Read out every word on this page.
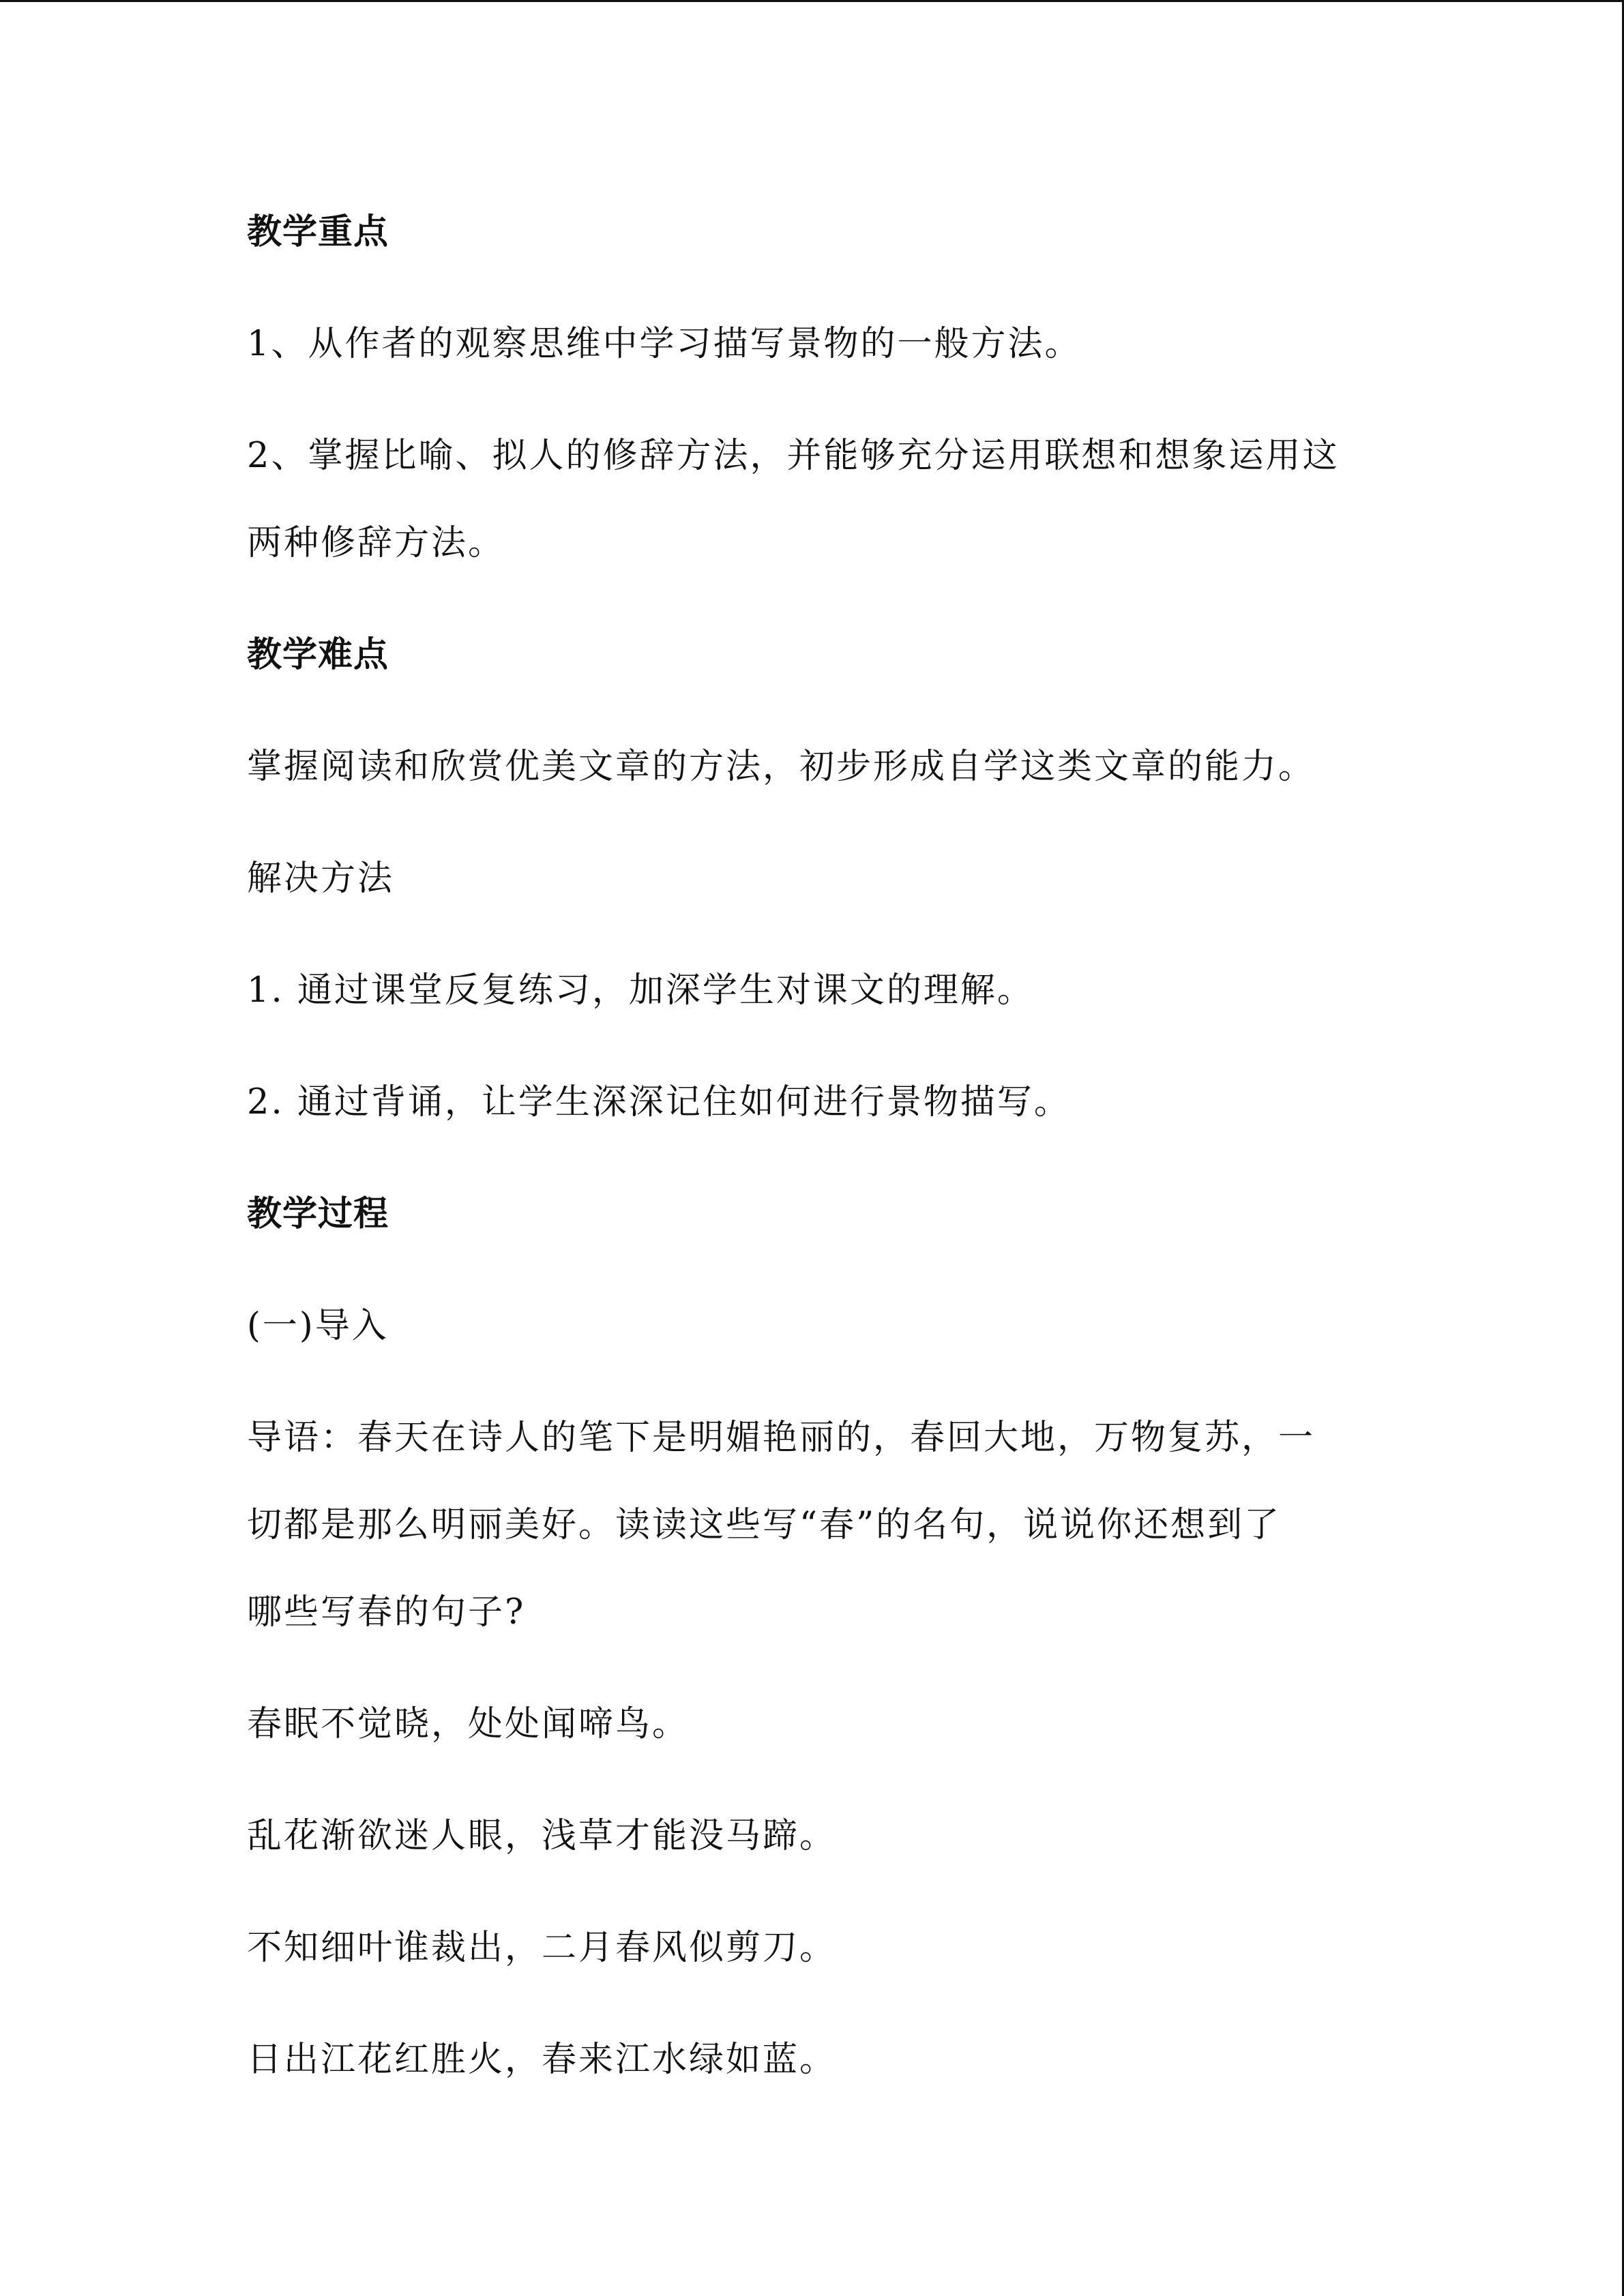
教学重点

1、从作者的观察思维中学习描写景物的一般方法。

2、掌握比喻、拟人的修辞方法，并能够充分运用联想和想象运用这

两种修辞方法。

教学难点

掌握阅读和欣赏优美文章的方法，初步形成自学这类文章的能力。

解决方法

1. 通过课堂反复练习，加深学生对课文的理解。

2. 通过背诵，让学生深深记住如何进行景物描写。

教学过程

(一)导入

导语：春天在诗人的笔下是明媚艳丽的，春回大地，万物复苏，一

切都是那么明丽美好。读读这些写“春”的名句，说说你还想到了

哪些写春的句子?

春眠不觉晓，处处闻啼鸟。

乱花渐欲迷人眼，浅草才能没马蹄。

不知细叶谁裁出，二月春风似剪刀。

日出江花红胜火，春来江水绿如蓝。
